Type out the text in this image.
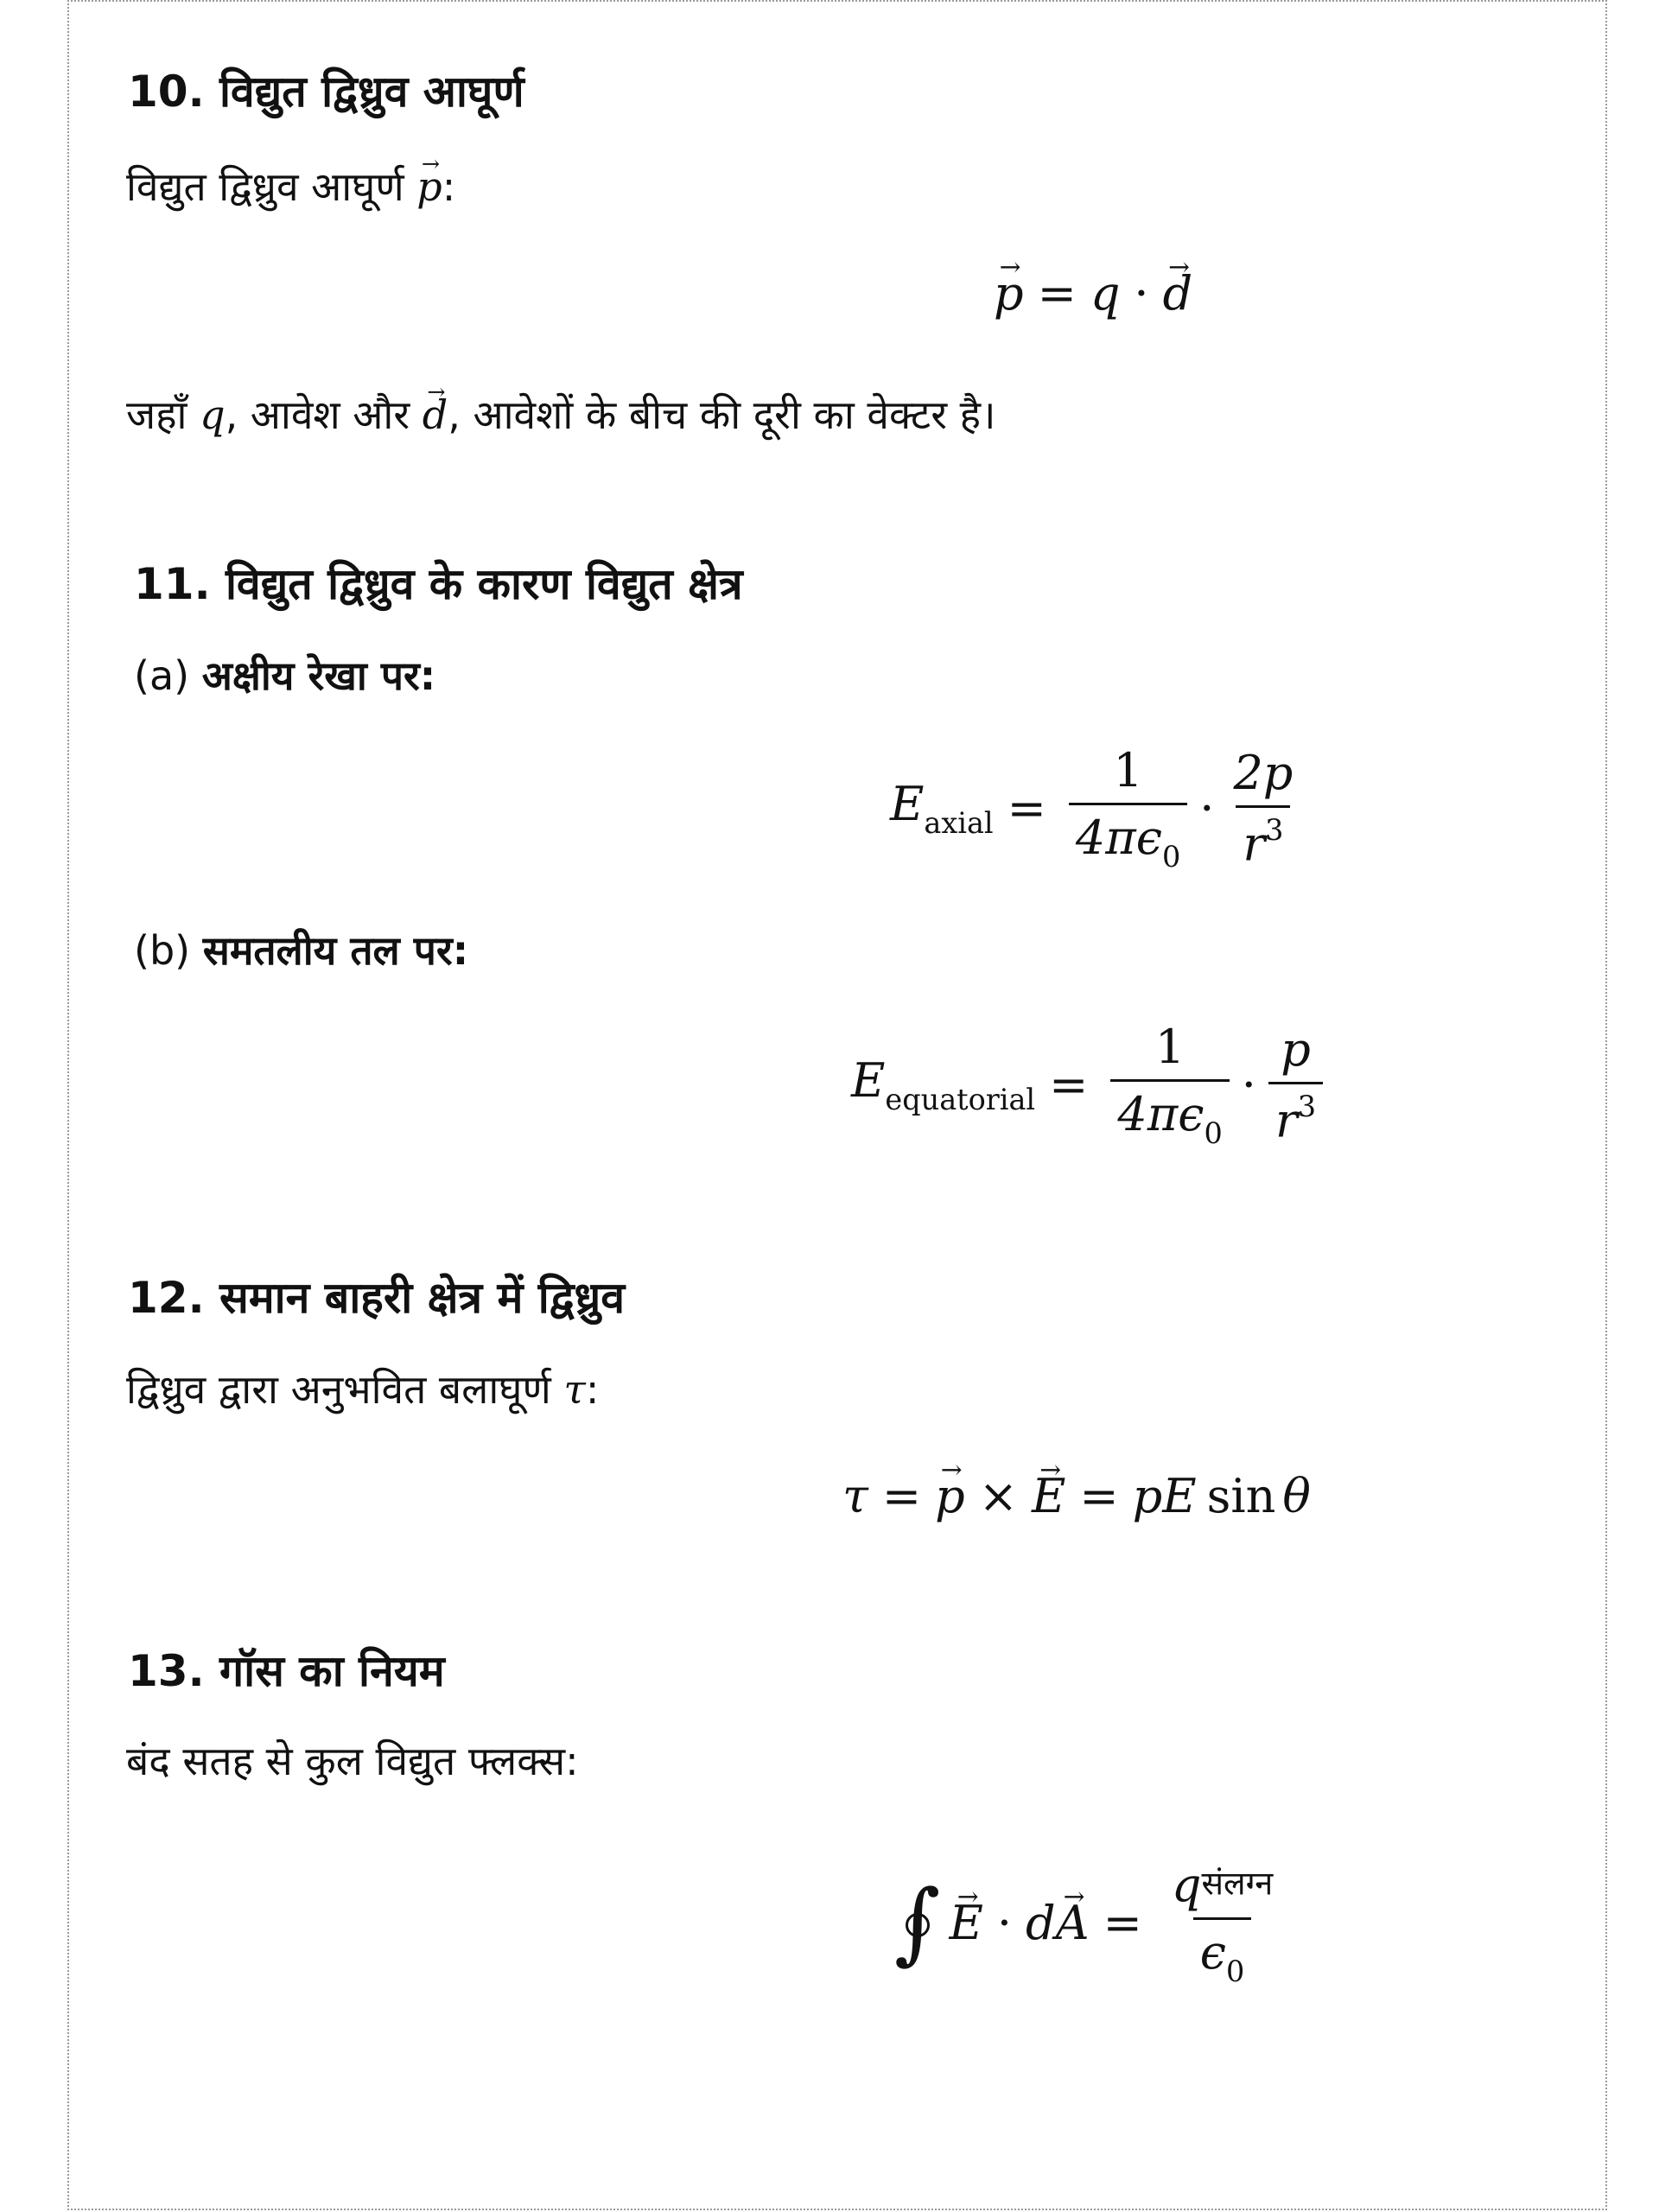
10. विद्युत द्विध्रुव आघूर्ण
विद्युत द्विध्रुव आघूर्ण → p:
→ p = q ·
→ d
जहाँ q, आवेश और → d, आवेशों के बीच की दूरी का वेक्टर है।
11. विद्युत द्विध्रुव के कारण विद्युत क्षेत्र
(a) अक्षीय रेखा पर:
$E_{axial} = \frac{1}{4\pi\epsilon_0} \cdot \frac{2p}{r^3}$
(b) समतलीय तल पर:
$E_{equatorial} = \frac{1}{4\pi\epsilon_0} \cdot \frac{p}{r^3}$
12. समान बाहरी क्षेत्र में द्विध्रुव
द्विध्रुव द्वारा अनुभवित बलाघूर्ण τ:
τ =
→ p ×
→ E = pE sin θ
13. गॉस का नियम
बंद सतह से कुल विद्युत फ्लक्स:
∫
→ E · d
→ $A = \frac{\text{qसंलग्न}}{\epsilon_0}$
